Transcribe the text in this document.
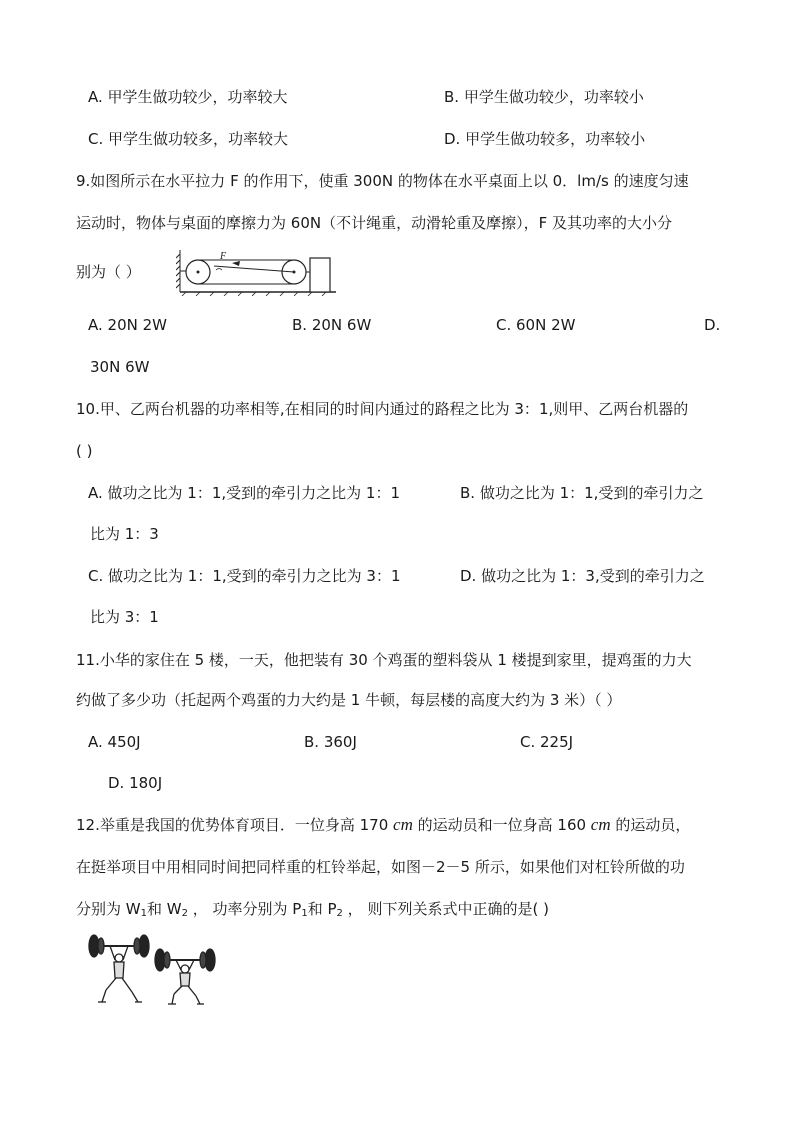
A. 甲学生做功较少，功率较大	B. 甲学生做功较少，功率较小
C. 甲学生做功较多，功率较大	D. 甲学生做功较多，功率较小
9.如图所示在水平拉力 F 的作用下，使重 300N 的物体在水平桌面上以 0．lm/s 的速度匀速
运动时，物体与桌面的摩擦力为 60N（不计绳重，动滑轮重及摩擦），F 及其功率的大小分
别为（ ）
F
A. 20N 2W	B. 20N 6W	C. 60N 2W	D.
30N 6W
10.甲、乙两台机器的功率相等,在相同的时间内通过的路程之比为 3：1,则甲、乙两台机器的
( )
A. 做功之比为 1：1,受到的牵引力之比为 1：1	B. 做功之比为 1：1,受到的牵引力之
比为 1：3
C. 做功之比为 1：1,受到的牵引力之比为 3：1	D. 做功之比为 1：3,受到的牵引力之
比为 3：1
11.小华的家住在 5 楼，一天，他把装有 30 个鸡蛋的塑料袋从 1 楼提到家里，提鸡蛋的力大
约做了多少功（托起两个鸡蛋的力大约是 1 牛顿，每层楼的高度大约为 3 米）（ ）
A. 450J	B. 360J	C. 225J
D. 180J
12.举重是我国的优势体育项目．一位身高 170 cm 的运动员和一位身高 160 cm 的运动员，
在挺举项目中用相同时间把同样重的杠铃举起，如图－2－5 所示，如果他们对杠铃所做的功
分别为 $W_1$和 $W_2$ ， 功率分别为 $P_1$和 $P_2$ ， 则下列关系式中正确的是( )
